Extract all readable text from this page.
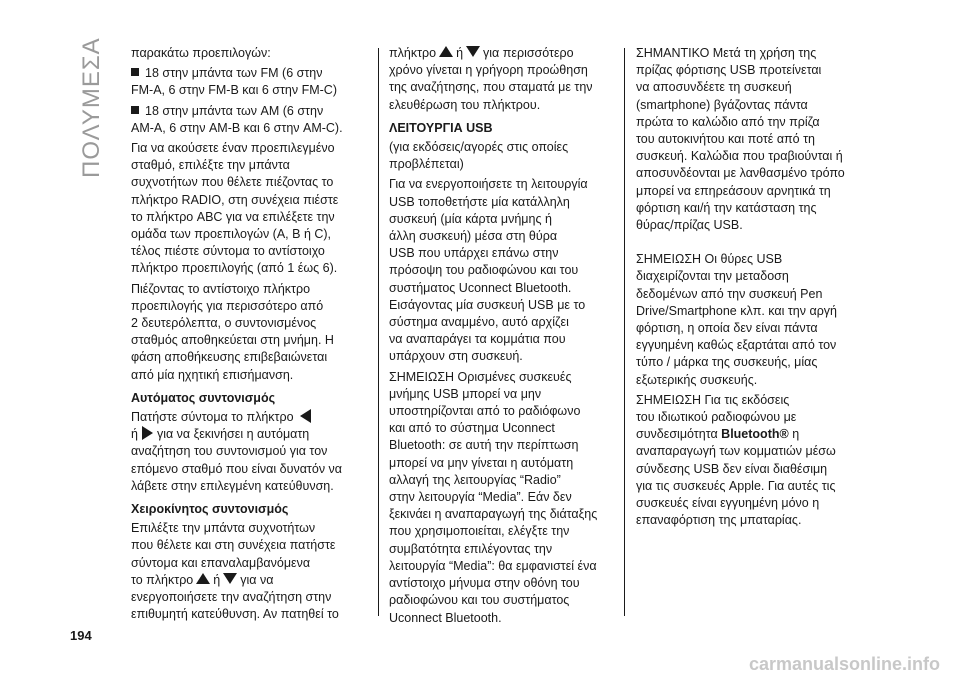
ΠΟΛΥΜΕΣΑ
194

παρακάτω προεπιλογών:

18 στην μπάντα των FM (6 στην
FM-A, 6 στην FM-B και 6 στην FM-C)

18 στην μπάντα των AM (6 στην
AM-A, 6 στην AM-B και 6 στην AM-C).

Για να ακούσετε έναν προεπιλεγμένο
σταθμό, επιλέξτε την μπάντα
συχνοτήτων που θέλετε πιέζοντας το
πλήκτρο RADIO, στη συνέχεια πιέστε
το πλήκτρο ABC για να επιλέξετε την
ομάδα των προεπιλογών (A, B ή C),
τέλος πιέστε σύντομα το αντίστοιχο
πλήκτρο προεπιλογής (από 1 έως 6).

Πιέζοντας το αντίστοιχο πλήκτρο
προεπιλογής για περισσότερο από
2 δευτερόλεπτα, ο συντονισμένος
σταθμός αποθηκεύεται στη μνήμη. Η
φάση αποθήκευσης επιβεβαιώνεται
από μία ηχητική επισήμανση.

Αυτόματος συντονισμός

Πατήστε σύντομα το πλήκτρο
ή για να ξεκινήσει η αυτόματη
αναζήτηση του συντονισμού για τον
επόμενο σταθμό που είναι δυνατόν να
λάβετε στην επιλεγμένη κατεύθυνση.

Χειροκίνητος συντονισμός

Επιλέξτε την μπάντα συχνοτήτων
που θέλετε και στη συνέχεια πατήστε
σύντομα και επαναλαμβανόμενα
το πλήκτρο ή για να
ενεργοποιήσετε την αναζήτηση στην
επιθυμητή κατεύθυνση. Αν πατηθεί το

πλήκτρο ή για περισσότερο
χρόνο γίνεται η γρήγορη προώθηση
της αναζήτησης, που σταματά με την
ελευθέρωση του πλήκτρου.

ΛΕΙΤΟΥΡΓΙΑ USB

(για εκδόσεις/αγορές στις οποίες
προβλέπεται)

Για να ενεργοποιήσετε τη λειτουργία
USB τοποθετήστε μία κατάλληλη
συσκευή (μία κάρτα μνήμης ή
άλλη συσκευή) μέσα στη θύρα
USB που υπάρχει επάνω στην
πρόσοψη του ραδιοφώνου και του
συστήματος Uconnect Bluetooth.
Εισάγοντας μία συσκευή USB με το
σύστημα αναμμένο, αυτό αρχίζει
να αναπαράγει τα κομμάτια που
υπάρχουν στη συσκευή.

ΣΗΜΕΙΩΣΗ Ορισμένες συσκευές
μνήμης USB μπορεί να μην
υποστηρίζονται από το ραδιόφωνο
και από το σύστημα Uconnect
Bluetooth: σε αυτή την περίπτωση
μπορεί να μην γίνεται η αυτόματη
αλλαγή της λειτουργίας “Radio”
στην λειτουργία “Media”. Εάν δεν
ξεκινάει η αναπαραγωγή της διάταξης
που χρησιμοποιείται, ελέγξτε την
συμβατότητα επιλέγοντας την
λειτουργία “Media”: θα εμφανιστεί ένα
αντίστοιχο μήνυμα στην οθόνη του
ραδιοφώνου και του συστήματος
Uconnect Bluetooth.

ΣΗΜΑΝΤΙΚΟ Μετά τη χρήση της
πρίζας φόρτισης USB προτείνεται
να αποσυνδέετε τη συσκευή
(smartphone) βγάζοντας πάντα
πρώτα το καλώδιο από την πρίζα
του αυτοκινήτου και ποτέ από τη
συσκευή. Καλώδια που τραβιούνται ή
αποσυνδέονται με λανθασμένο τρόπο
μπορεί να επηρεάσουν αρνητικά τη
φόρτιση και/ή την κατάσταση της
θύρας/πρίζας USB.

ΣΗΜΕΙΩΣΗ Οι θύρες USB
διαχειρίζονται την μεταδοση
δεδομένων από την συσκευή Pen
Drive/Smartphone κλπ. και την αργή
φόρτιση, η οποία δεν είναι πάντα
εγγυημένη καθώς εξαρτάται από τον
τύπο / μάρκα της συσκευής, μίας
εξωτερικής συσκευής.

ΣΗΜΕΙΩΣΗ Για τις εκδόσεις
του ιδιωτικού ραδιοφώνου με
συνδεσιμότητα Bluetooth® η
αναπαραγωγή των κομματιών μέσω
σύνδεσης USB δεν είναι διαθέσιμη
για τις συσκευές Apple. Για αυτές τις
συσκευές είναι εγγυημένη μόνο η
επαναφόρτιση της μπαταρίας.

carmanualsonline.info
